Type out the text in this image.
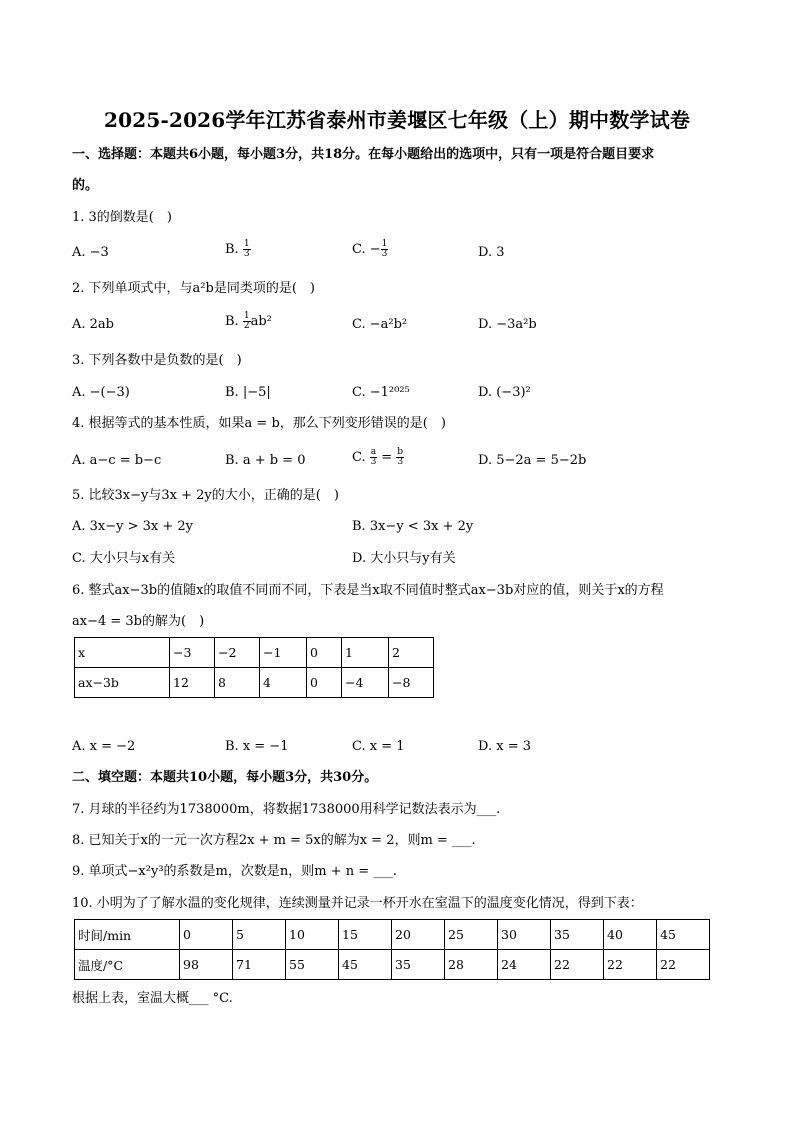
2025-2026学年江苏省泰州市姜堰区七年级（上）期中数学试卷
一、选择题：本题共6小题，每小题3分，共18分。在每小题给出的选项中，只有一项是符合题目要求
的。
1. 3的倒数是(　)
A. −3	B. $\frac{1}{3}$	C. − $\frac{1}{3}$	D. 3
2. 下列单项式中，与a²b是同类项的是(　)
A. 2ab	B. $\frac{1}{2} ab^2$	C. −a²b²	D. −3a²b
3. 下列各数中是负数的是(　)
A. −(−3)	B. |−5|	C. −1²⁰²⁵	D. (−3)²
4. 根据等式的基本性质，如果a = b，那么下列变形错误的是(　)
A. a−c = b−c	B. a + b = 0	C. $\frac{a}{3} = \frac{b}{3}$	D. 5−2a = 5−2b
5. 比较3x−y与3x + 2y的大小，正确的是(　)
A. 3x−y > 3x + 2y	B. 3x−y < 3x + 2y
C. 大小只与x有关	D. 大小只与y有关
6. 整式ax−3b的值随x的取值不同而不同，下表是当x取不同值时整式ax−3b对应的值，则关于x的方程
ax−4 = 3b的解为(　)
x	−3	−2	−1	0	1	2
ax−3b	12	8	4	0	−4	−8
A. x = −2	B. x = −1	C. x = 1	D. x = 3
二、填空题：本题共10小题，每小题3分，共30分。
7. 月球的半径约为1738000m，将数据1738000用科学记数法表示为___.
8. 已知关于x的一元一次方程2x + m = 5x的解为x = 2，则m = ___.
9. 单项式−x²y³的系数是m，次数是n，则m + n = ___.
10. 小明为了了解水温的变化规律，连续测量并记录一杯开水在室温下的温度变化情况，得到下表：
时间/min	0	5	10	15	20	25	30	35	40	45
温度/°C	98	71	55	45	35	28	24	22	22	22
根据上表，室温大概___ °C.
